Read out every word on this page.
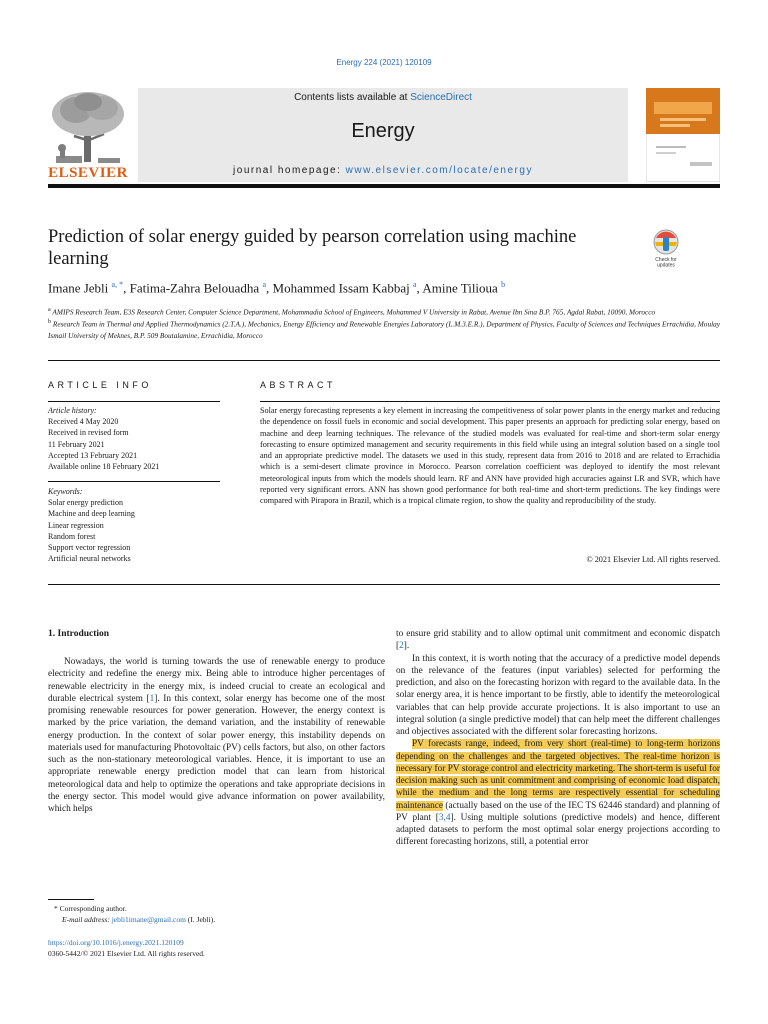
Energy 224 (2021) 120109
ELSEVIER
Contents lists available at ScienceDirect
Energy
journal homepage: www.elsevier.com/locate/energy
Prediction of solar energy guided by pearson correlation using machine learning	Check for
updates
Imane Jebli $^{a, *}$, Fatima-Zahra Belouadha $^a$, Mohammed Issam Kabbaj $^a$, Amine Tilioua $^b$
$^a$ AMIPS Research Team, E3S Research Center, Computer Science Department, Mohammadia School of Engineers, Mohammed V University in Rabat, Avenue Ibn Sina B.P. 765, Agdal Rabat, 10090, Morocco
$^b$ Research Team in Thermal and Applied Thermodynamics (2.T.A.), Mechanics, Energy Efficiency and Renewable Energies Laboratory (L.M.3.E.R.), Department of Physics, Faculty of Sciences and Techniques Errachidia, Moulay Ismail University of Meknes, B.P. 509 Boutalamine, Errachidia, Morocco
ARTICLE INFO	ABSTRACT
Article history:
Received 4 May 2020
Received in revised form
11 February 2021
Accepted 13 February 2021
Available online 18 February 2021
Keywords:
Solar energy prediction
Machine and deep learning
Linear regression
Random forest
Support vector regression
Artificial neural networks
Solar energy forecasting represents a key element in increasing the competitiveness of solar power plants in the energy market and reducing the dependence on fossil fuels in economic and social development. This paper presents an approach for predicting solar energy, based on machine and deep learning techniques. The relevance of the studied models was evaluated for real-time and short-term solar energy forecasting to ensure optimized management and security requirements in this field while using an integral solution based on a single tool and an appropriate predictive model. The datasets we used in this study, represent data from 2016 to 2018 and are related to Errachidia which is a semi-desert climate province in Morocco. Pearson correlation coefficient was deployed to identify the most relevant meteorological inputs from which the models should learn. RF and ANN have provided high accuracies against LR and SVR, which have reported very significant errors. ANN has shown good performance for both real-time and short-term predictions. The key findings were compared with Pirapora in Brazil, which is a tropical climate region, to show the quality and reproducibility of the study.
© 2021 Elsevier Ltd. All rights reserved.
1. Introduction

Nowadays, the world is turning towards the use of renewable energy to produce electricity and redefine the energy mix. Being able to introduce higher percentages of renewable electricity in the energy mix, is indeed crucial to create an ecological and durable electrical system [1]. In this context, solar energy has become one of the most promising renewable resources for power generation. However, the energy context is marked by the price variation, the demand variation, and the instability of renewable energy production. In the context of solar power energy, this instability depends on materials used for manufacturing Photovoltaic (PV) cells factors, but also, on other factors such as the non-stationary meteorological variables. Hence, it is important to use an appropriate renewable energy prediction model that can learn from historical meteorological data and help to optimize the operations and take appropriate decisions in the energy sector. This model would give advance information on power availability, which helps

to ensure grid stability and to allow optimal unit commitment and economic dispatch [2].

In this context, it is worth noting that the accuracy of a predictive model depends on the relevance of the features (input variables) selected for performing the prediction, and also on the forecasting horizon with regard to the available data. In the solar energy area, it is hence important to be firstly, able to identify the meteorological variables that can help provide accurate projections. It is also important to use an integral solution (a single predictive model) that can help meet the different challenges and objectives associated with the different solar forecasting horizons.

PV forecasts range, indeed, from very short (real-time) to long-term horizons depending on the challenges and the targeted objectives. The real-time horizon is necessary for PV storage control and electricity marketing. The short-term is useful for decision making such as unit commitment and comprising of economic load dispatch, while the medium and the long terms are respectively essential for scheduling maintenance (actually based on the use of the IEC TS 62446 standard) and planning of PV plant [3,4]. Using multiple solutions (predictive models) and hence, different adapted datasets to perform the most optimal solar energy projections according to different forecasting horizons, still, a potential error

* Corresponding author.
E-mail address: jebli1imane@gmail.com (I. Jebli).
https://doi.org/10.1016/j.energy.2021.120109
0360-5442/© 2021 Elsevier Ltd. All rights reserved.
